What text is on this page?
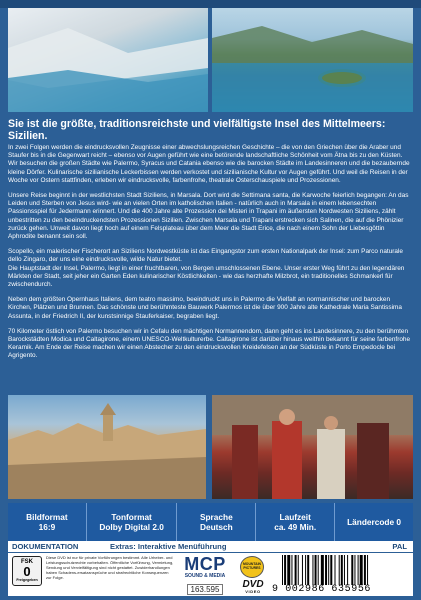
Sie ist die größte, traditionsreichste und vielfältigste Insel des Mittelmeers: Sizilien.

In zwei Folgen werden die eindrucksvollen Zeugnisse einer abwechslungsreichen Geschichte – die von den Griechen über die Araber und Staufer bis in die Gegenwart reicht – ebenso vor Augen geführt wie eine betörende landschaftliche Schönheit vom Ätna bis zu den Küsten. Wir besuchen die großen Städte wie Palermo, Syracus und Catania ebenso wie die barocken Städte im Landesinneren und die bezaubernde kleine Dörfer. Kulinarische sizilianische Leckerbissen werden verkostet und sizilianische Kultur vor Augen geführt. Und weil die Reisen in der Woche vor Ostern stattfinden, erleben wir eindrucksvolle, farbenfrohe, theatrale Osterschauspiele und Prozessionen.

Unsere Reise beginnt in der westlichsten Stadt Siziliens, in Marsala. Dort wird die Settimana santa, die Karwoche feierlich begangen: An das Leiden und Sterben von Jesus wird- wie an vielen Orten im katholischen Italien - natürlich auch in Marsala in einem lebensechten Passionsspiel für Jedermann erinnert. Und die 400 Jahre alte Prozession dei Misteri in Trapani im äußersten Nordwesten Siziliens, zählt unbestritten zu den beeindruckendsten Prozessionen Sizilien. Zwischen Marsala und Trapani erstrecken sich Salinen, die auf die Phönizier zurück gehen. Unweit davon liegt hoch auf einem Felsplateau über dem Meer die Stadt Erice, die nach einem Sohn der Liebesgöttin Aphrodite benannt sein soll.

Scopello, ein malerischer Fischerort an Siziliens Nordwestküste ist das Eingangstor zum ersten Nationalpark der Insel: zum Parco naturale dello Zingaro, der uns eine eindrucksvolle, wilde Natur bietet.
Die Hauptstadt der Insel, Palermo, liegt in einer fruchtbaren, von Bergen umschlossenen Ebene. Unser erster Weg führt zu den legendären Märkten der Stadt, seit jeher ein Garten Eden kulinarischer Köstlichkeiten - wie das herzhafte Milzbrot, ein traditionelles Schmankerl für zwischendurch.

Neben dem größten Opernhaus Italiens, dem teatro massimo, beeindruckt uns in Palermo die Vielfalt an normannischer und barocken Kirchen, Plätzen und Brunnen. Das schönste und berühmteste Bauwerk Palermos ist die über 900 Jahre alte Kathedrale Maria Santissima Assunta, in der Friedrich II, der kunstsinnige Stauferkaiser, begraben liegt.

70 Kilometer östlich von Palermo besuchen wir in Cefalu den mächtigen Normannendom, dann geht es ins Landesinnere, zu den berühmten Barockstädten Modica und Caltagirone, einem UNESCO-Weltkulturerbe. Caltagirone ist darüber hinaus weithin bekannt für seine farbenfrohe Keramik. Am Ende der Reise machen wir einen Abstecher zu den eindrucksvollen Kreidefelsen an der Südküste in Porto Empedocle bei Agrigento.

Bildformat
16:9
Tonformat
Dolby Digital 2.0
Sprache
Deutsch
Laufzeit
ca. 49 Min.
Ländercode 0
DOKUMENTATION	Extras: Interaktive Menüführung	PAL
FSK
0
Freigegeben
Diese DVD ist nur für private Vorführungen bestimmt. Alle Urheber- und Leistungsschutzrechte vorbehalten. Öffentliche Vorführung, Vermietung, Sendung und Vervielfältigung sind nicht gestattet. Zuwiderhandlungen haben Schadens-ersatzansprüche und strafrechtliche Konsequenzen zur Folge.
MCP
SOUND & MEDIA
163.595
MOUNTAIN
PICTURES
DVD
VIDEO	9 002986 635956
